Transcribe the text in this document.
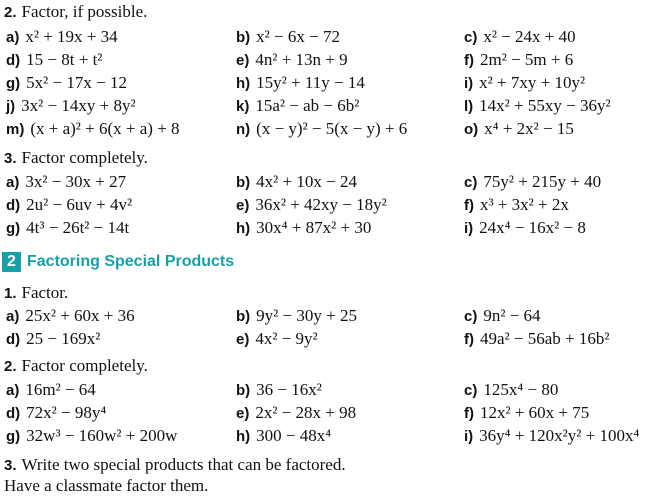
2. Factor, if possible.
a) x² + 19x + 34	b) x² − 6x − 72	c) x² − 24x + 40
d) 15 − 8t + t²	e) 4n² + 13n + 9	f) 2m² − 5m + 6
g) 5x² − 17x − 12	h) 15y² + 11y − 14	i) x² + 7xy + 10y²
j) 3x² − 14xy + 8y²	k) 15a² − ab − 6b²	l) 14x² + 55xy − 36y²
m) (x + a)² + 6(x + a) + 8	n) (x − y)² − 5(x − y) + 6	o) x⁴ + 2x² − 15
3. Factor completely.
a) 3x² − 30x + 27	b) 4x² + 10x − 24	c) 75y² + 215y + 40
d) 2u² − 6uv + 4v²	e) 36x² + 42xy − 18y²	f) x³ + 3x² + 2x
g) 4t³ − 26t² − 14t	h) 30x⁴ + 87x² + 30	i) 24x⁴ − 16x² − 8
2 Factoring Special Products
1. Factor.
a) 25x² + 60x + 36	b) 9y² − 30y + 25	c) 9n² − 64
d) 25 − 169x²	e) 4x² − 9y²	f) 49a² − 56ab + 16b²
2. Factor completely.
a) 16m² − 64	b) 36 − 16x²	c) 125x⁴ − 80
d) 72x² − 98y⁴	e) 2x² − 28x + 98	f) 12x² + 60x + 75
g) 32w³ − 160w² + 200w	h) 300 − 48x⁴	i) 36y⁴ + 120x²y² + 100x⁴
3. Write two special products that can be factored.
Have a classmate factor them.
